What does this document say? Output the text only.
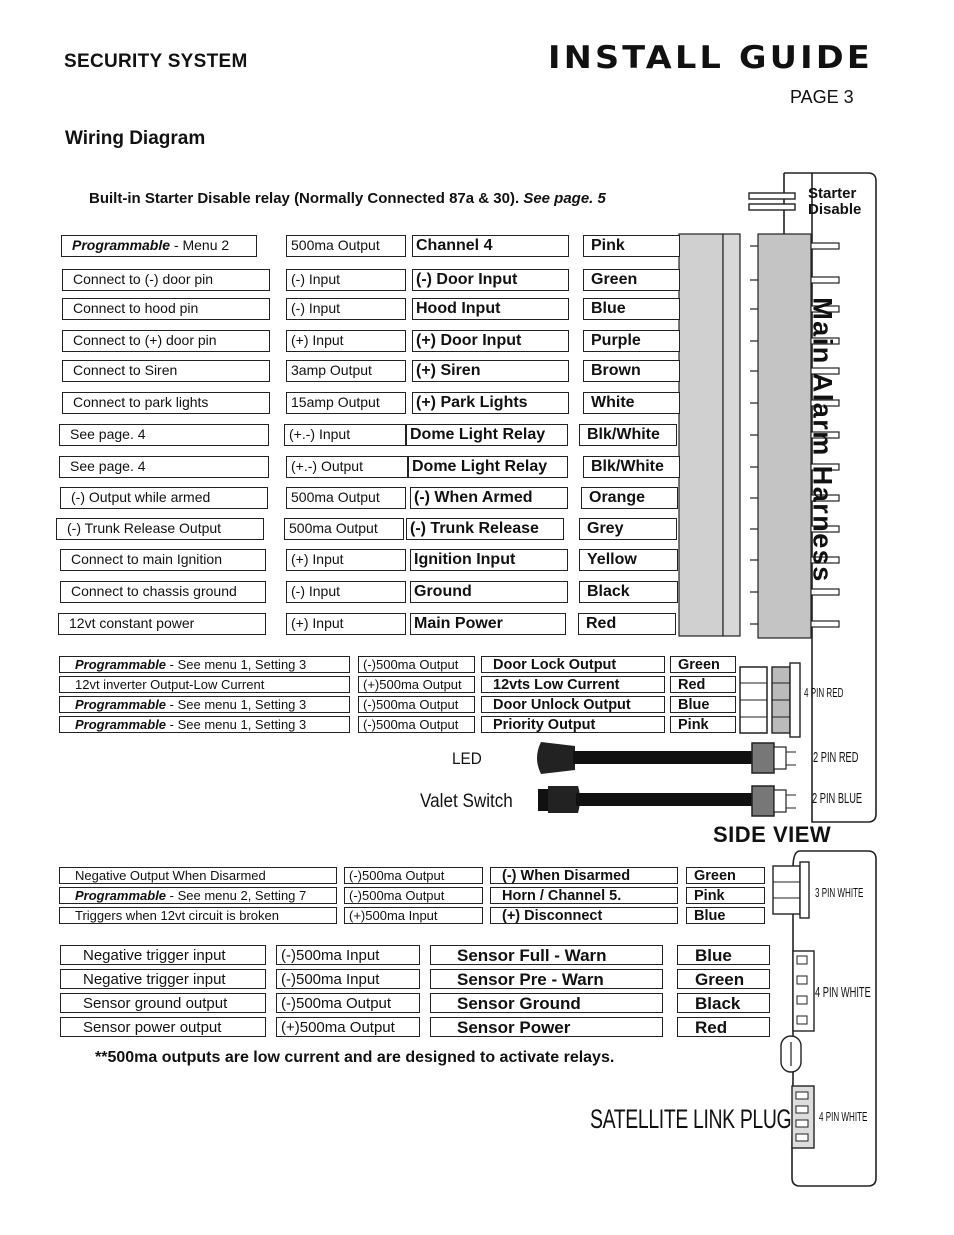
SECURITY SYSTEM	INSTALL GUIDE
PAGE 3
Wiring Diagram
Built-in Starter Disable relay (Normally Connected 87a & 30). See page. 5	Starter
Disable
Main Alarm Harness
4 PIN RED
2 PIN RED
2 PIN BLUE
3 PIN WHITE
4 PIN WHITE
4 PIN WHITE
LED
Valet Switch
SIDE VIEW
**500ma outputs are low current and are designed to activate relays.
SATELLITE LINK PLUG
Programmable - Menu 2	500ma Output	Channel 4	Pink
Connect to (-) door pin	(-) Input	(-) Door Input	Green
Connect to hood pin	(-) Input	Hood Input	Blue
Connect to (+) door pin	(+) Input	(+) Door Input	Purple
Connect to Siren	3amp Output	(+) Siren	Brown
Connect to park lights	15amp Output	(+) Park Lights	White
See page. 4	(+.-) Input	Dome Light Relay	Blk/White
See page. 4	(+.-) Output	Dome Light Relay	Blk/White
(-) Output while armed	500ma Output	(-) When Armed	Orange
(-) Trunk Release Output	500ma Output	(-) Trunk Release	Grey
Connect to main Ignition	(+) Input	Ignition Input	Yellow
Connect to chassis ground	(-) Input	Ground	Black
12vt constant power	(+) Input	Main Power	Red
Programmable - See menu 1, Setting 3	(-)500ma Output	Door Lock Output	Green
12vt inverter Output-Low Current	(+)500ma Output	12vts Low Current	Red
Programmable - See menu 1, Setting 3	(-)500ma Output	Door Unlock Output	Blue
Programmable - See menu 1, Setting 3	(-)500ma Output	Priority Output	Pink
Negative Output When Disarmed	(-)500ma Output	(-) When Disarmed	Green
Programmable - See menu 2, Setting 7	(-)500ma Output	Horn / Channel 5.	Pink
Triggers when 12vt circuit is broken	(+)500ma Input	(+) Disconnect	Blue
Negative trigger input	(-)500ma Input	Sensor Full - Warn	Blue
Negative trigger input	(-)500ma Input	Sensor Pre - Warn	Green
Sensor ground output	(-)500ma Output	Sensor Ground	Black
Sensor power output	(+)500ma Output	Sensor Power	Red
